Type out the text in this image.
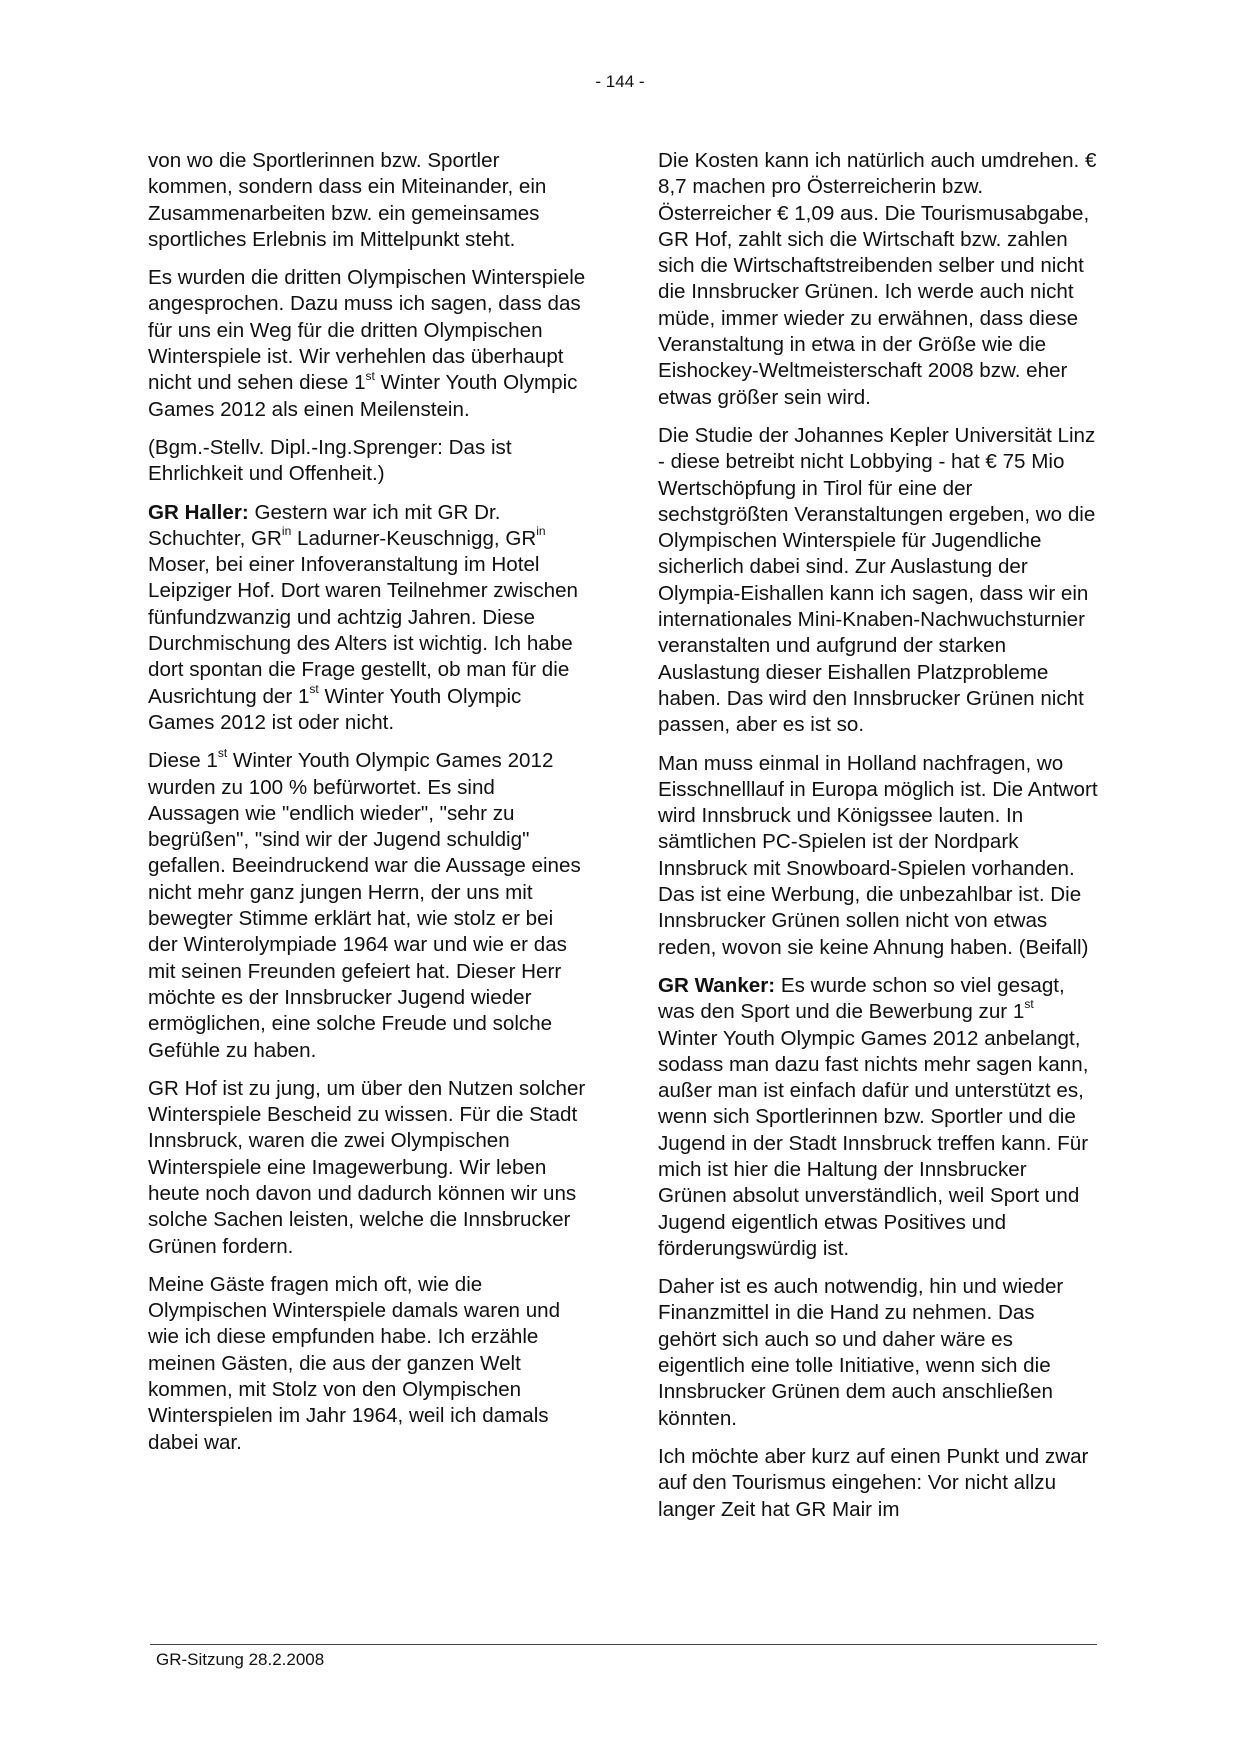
- 144 -

von wo die Sportlerinnen bzw. Sportler kommen, sondern dass ein Miteinander, ein Zusammenarbeiten bzw. ein gemeinsames sportliches Erlebnis im Mittelpunkt steht.

Es wurden die dritten Olympischen Winterspiele angesprochen. Dazu muss ich sagen, dass das für uns ein Weg für die dritten Olympischen Winterspiele ist. Wir verhehlen das überhaupt nicht und sehen diese 1st Winter Youth Olympic Games 2012 als einen Meilenstein.

(Bgm.-Stellv. Dipl.-Ing.Sprenger: Das ist Ehrlichkeit und Offenheit.)

GR Haller: Gestern war ich mit GR Dr. Schuchter, $GR^{in}$ Ladurner-Keuschnigg, $GR^{in}$ Moser, bei einer Infoveranstaltung im Hotel Leipziger Hof. Dort waren Teilnehmer zwischen fünfundzwanzig und achtzig Jahren. Diese Durchmischung des Alters ist wichtig. Ich habe dort spontan die Frage gestellt, ob man für die Ausrichtung der 1st Winter Youth Olympic Games 2012 ist oder nicht.

Diese 1st Winter Youth Olympic Games 2012 wurden zu 100 % befürwortet. Es sind Aussagen wie "endlich wieder", "sehr zu begrüßen", "sind wir der Jugend schuldig" gefallen. Beeindruckend war die Aussage eines nicht mehr ganz jungen Herrn, der uns mit bewegter Stimme erklärt hat, wie stolz er bei der Winterolympiade 1964 war und wie er das mit seinen Freunden gefeiert hat. Dieser Herr möchte es der Innsbrucker Jugend wieder ermöglichen, eine solche Freude und solche Gefühle zu haben.

GR Hof ist zu jung, um über den Nutzen solcher Winterspiele Bescheid zu wissen. Für die Stadt Innsbruck, waren die zwei Olympischen Winterspiele eine Imagewerbung. Wir leben heute noch davon und dadurch können wir uns solche Sachen leisten, welche die Innsbrucker Grünen fordern.

Meine Gäste fragen mich oft, wie die Olympischen Winterspiele damals waren und wie ich diese empfunden habe. Ich erzähle meinen Gästen, die aus der ganzen Welt kommen, mit Stolz von den Olympischen Winterspielen im Jahr 1964, weil ich damals dabei war.

Die Kosten kann ich natürlich auch umdrehen. € 8,7 machen pro Österreicherin bzw. Österreicher € 1,09 aus. Die Tourismusabgabe, GR Hof, zahlt sich die Wirtschaft bzw. zahlen sich die Wirtschaftstreibenden selber und nicht die Innsbrucker Grünen. Ich werde auch nicht müde, immer wieder zu erwähnen, dass diese Veranstaltung in etwa in der Größe wie die Eishockey-Weltmeisterschaft 2008 bzw. eher etwas größer sein wird.

Die Studie der Johannes Kepler Universität Linz - diese betreibt nicht Lobbying - hat € 75 Mio Wertschöpfung in Tirol für eine der sechstgrößten Veranstaltungen ergeben, wo die Olympischen Winterspiele für Jugendliche sicherlich dabei sind. Zur Auslastung der Olympia-Eishallen kann ich sagen, dass wir ein internationales Mini-Knaben-Nachwuchsturnier veranstalten und aufgrund der starken Auslastung dieser Eishallen Platzprobleme haben. Das wird den Innsbrucker Grünen nicht passen, aber es ist so.

Man muss einmal in Holland nachfragen, wo Eisschnelllauf in Europa möglich ist. Die Antwort wird Innsbruck und Königssee lauten. In sämtlichen PC-Spielen ist der Nordpark Innsbruck mit Snowboard-Spielen vorhanden. Das ist eine Werbung, die unbezahlbar ist. Die Innsbrucker Grünen sollen nicht von etwas reden, wovon sie keine Ahnung haben. (Beifall)

GR Wanker: Es wurde schon so viel gesagt, was den Sport und die Bewerbung zur 1st Winter Youth Olympic Games 2012 anbelangt, sodass man dazu fast nichts mehr sagen kann, außer man ist einfach dafür und unterstützt es, wenn sich Sportlerinnen bzw. Sportler und die Jugend in der Stadt Innsbruck treffen kann. Für mich ist hier die Haltung der Innsbrucker Grünen absolut unverständlich, weil Sport und Jugend eigentlich etwas Positives und förderungswürdig ist.

Daher ist es auch notwendig, hin und wieder Finanzmittel in die Hand zu nehmen. Das gehört sich auch so und daher wäre es eigentlich eine tolle Initiative, wenn sich die Innsbrucker Grünen dem auch anschließen könnten.

Ich möchte aber kurz auf einen Punkt und zwar auf den Tourismus eingehen: Vor nicht allzu langer Zeit hat GR Mair im

GR-Sitzung 28.2.2008
